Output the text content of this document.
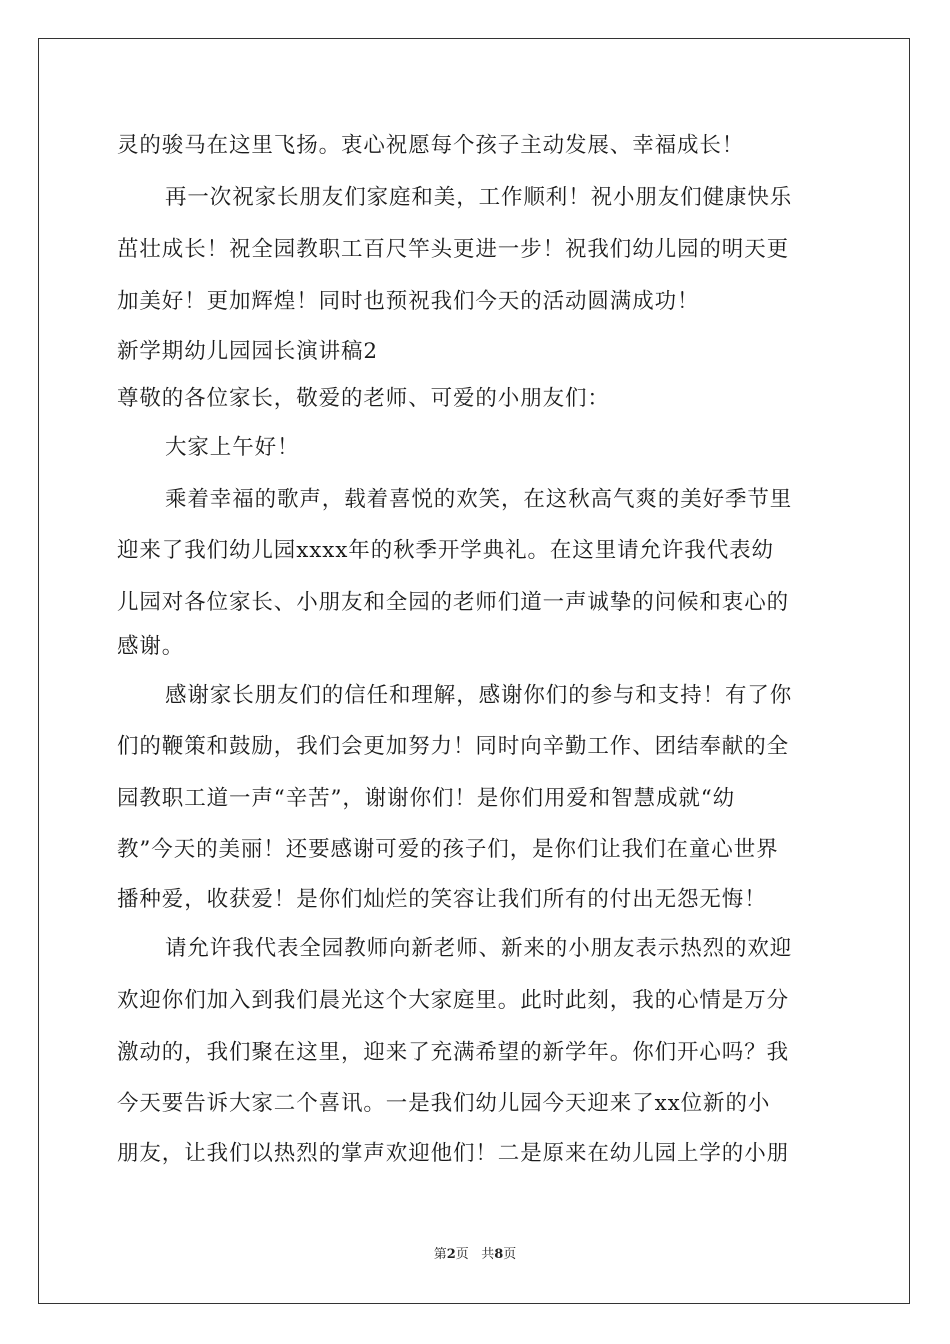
灵的骏马在这里飞扬。衷心祝愿每个孩子主动发展、幸福成长！
再一次祝家长朋友们家庭和美，工作顺利！祝小朋友们健康快乐
茁壮成长！祝全园教职工百尺竿头更进一步！祝我们幼儿园的明天更
加美好！更加辉煌！同时也预祝我们今天的活动圆满成功！
新学期幼儿园园长演讲稿2
尊敬的各位家长，敬爱的老师、可爱的小朋友们：
大家上午好！
乘着幸福的歌声，载着喜悦的欢笑，在这秋高气爽的美好季节里
迎来了我们幼儿园xxxx年的秋季开学典礼。在这里请允许我代表幼
儿园对各位家长、小朋友和全园的老师们道一声诚挚的问候和衷心的
感谢。
感谢家长朋友们的信任和理解，感谢你们的参与和支持！有了你
们的鞭策和鼓励，我们会更加努力！同时向辛勤工作、团结奉献的全
园教职工道一声“辛苦”，谢谢你们！是你们用爱和智慧成就“幼
教”今天的美丽！还要感谢可爱的孩子们，是你们让我们在童心世界
播种爱，收获爱！是你们灿烂的笑容让我们所有的付出无怨无悔！
请允许我代表全园教师向新老师、新来的小朋友表示热烈的欢迎
欢迎你们加入到我们晨光这个大家庭里。此时此刻，我的心情是万分
激动的，我们聚在这里，迎来了充满希望的新学年。你们开心吗？我
今天要告诉大家二个喜讯。一是我们幼儿园今天迎来了xx位新的小
朋友，让我们以热烈的掌声欢迎他们！二是原来在幼儿园上学的小朋
第2页 共8页
